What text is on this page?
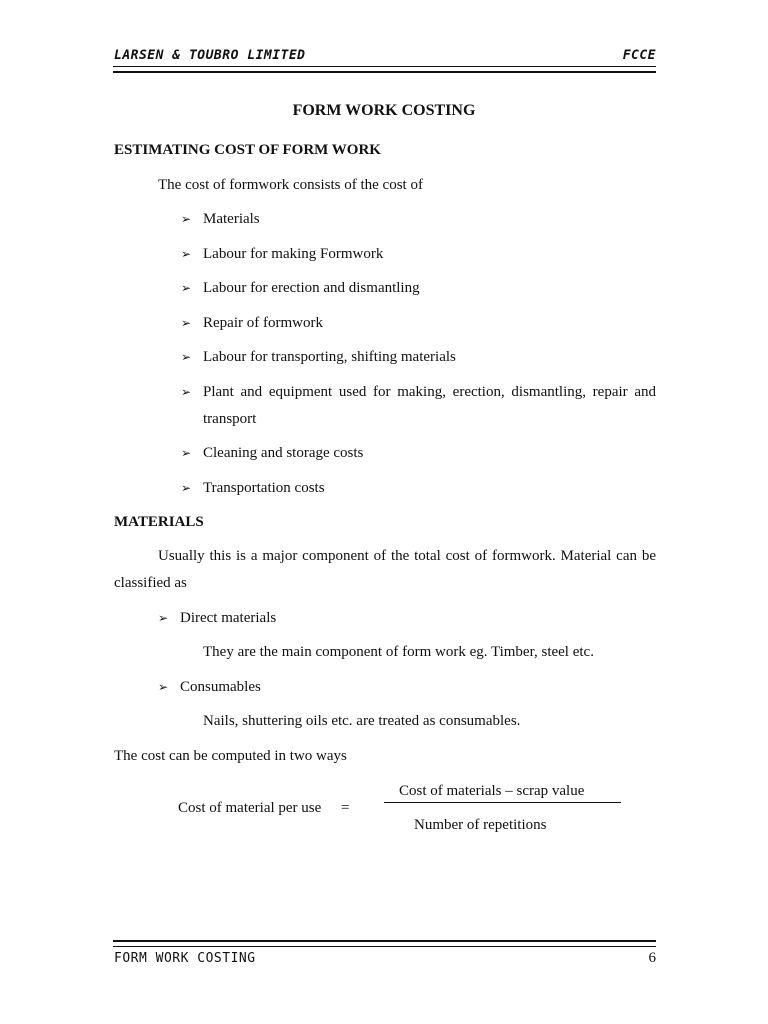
LARSEN & TOUBRO LIMITED	FCCE
FORM WORK COSTING
ESTIMATING COST OF FORM WORK
The cost of formwork consists of the cost of
➢ Materials
➢ Labour for making Formwork
➢ Labour for erection and dismantling
➢ Repair of formwork
➢ Labour for transporting, shifting materials
➢ Plant and equipment used for making, erection, dismantling, repair and
transport
➢ Cleaning and storage costs
➢ Transportation costs
MATERIALS
Usually this is a major component of the total cost of formwork. Material can be
classified as
➢ Direct materials
They are the main component of form work eg. Timber, steel etc.
➢ Consumables
Nails, shuttering oils etc. are treated as consumables.
The cost can be computed in two ways
Cost of materials – scrap value
Cost of material per use =
Number of repetitions
FORM WORK COSTING	6
